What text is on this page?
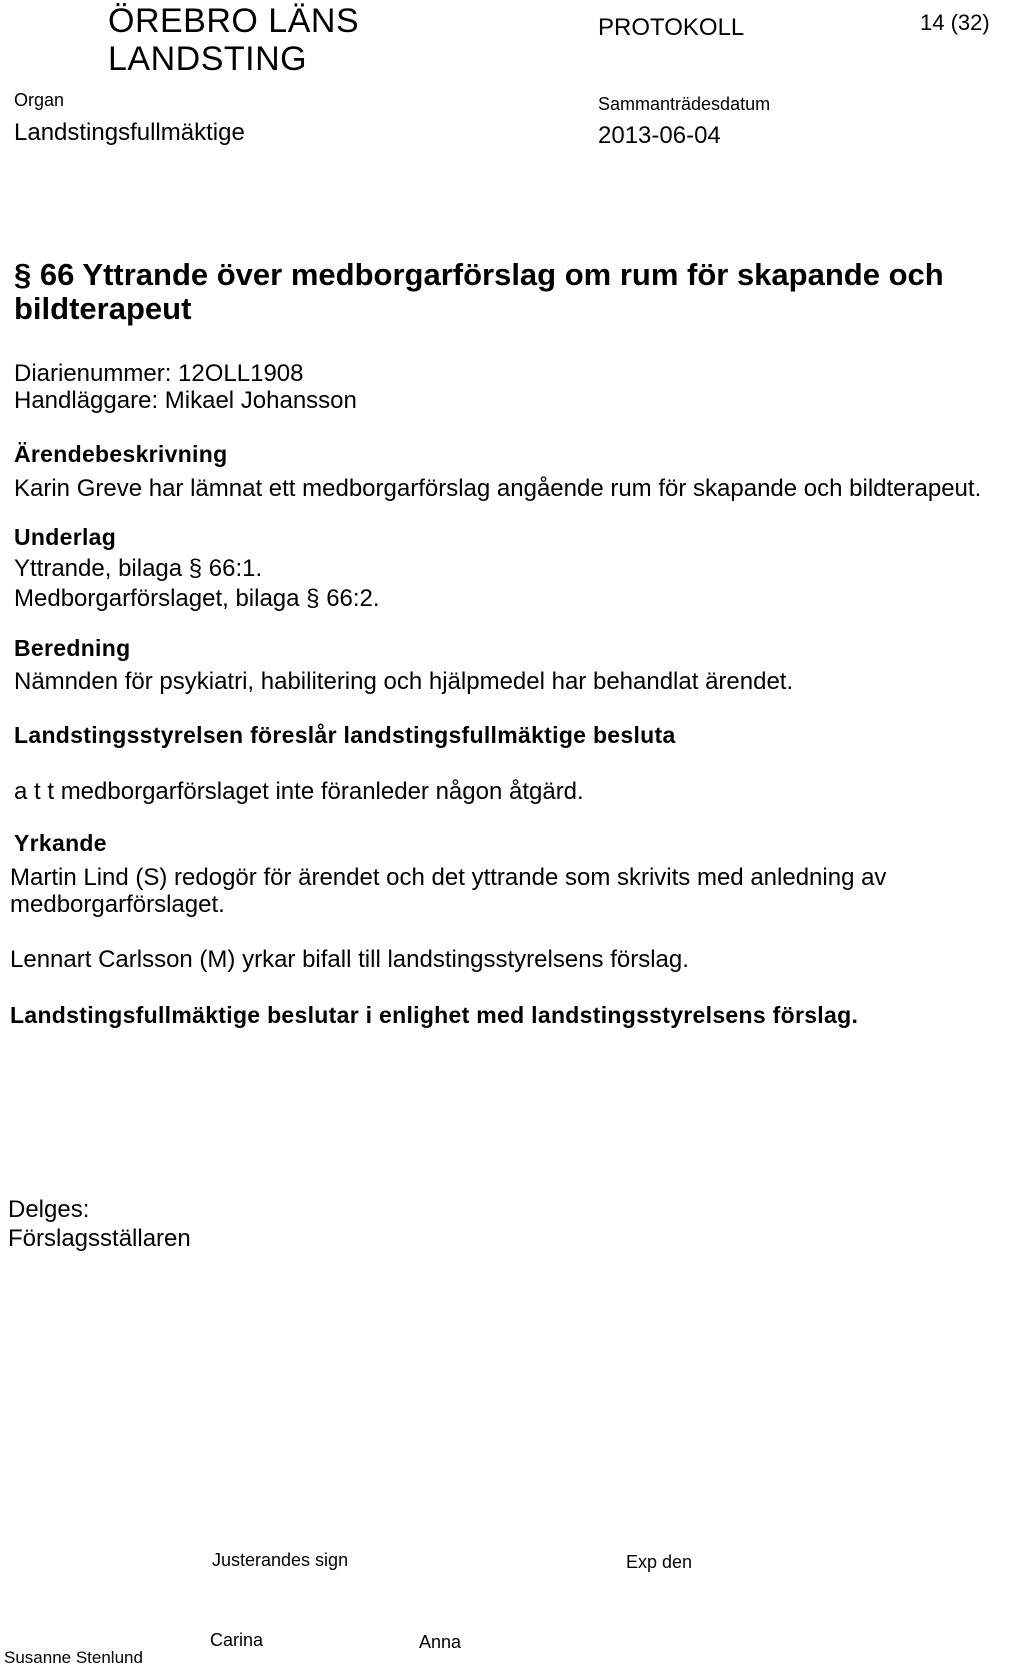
ÖREBRO LÄNS
LANDSTING
PROTOKOLL	14 (32)
Organ
Landstingsfullmäktige
Sammanträdesdatum
2013-06-04
§ 66 Yttrande över medborgarförslag om rum för skapande och
bildterapeut
Diarienummer: 12OLL1908
Handläggare: Mikael Johansson
Ärendebeskrivning
Karin Greve har lämnat ett medborgarförslag angående rum för skapande och bildterapeut.
Underlag
Yttrande, bilaga § 66:1.
Medborgarförslaget, bilaga § 66:2.
Beredning
Nämnden för psykiatri, habilitering och hjälpmedel har behandlat ärendet.
Landstingsstyrelsen föreslår landstingsfullmäktige besluta
a t t medborgarförslaget inte föranleder någon åtgärd.
Yrkande
Martin Lind (S) redogör för ärendet och det yttrande som skrivits med anledning av
medborgarförslaget.
Lennart Carlsson (M) yrkar bifall till landstingsstyrelsens förslag.
Landstingsfullmäktige beslutar i enlighet med landstingsstyrelsens förslag.
Delges:
Förslagsställaren
Justerandes sign	Exp den
Susanne Stenlund
Carina	Anna
